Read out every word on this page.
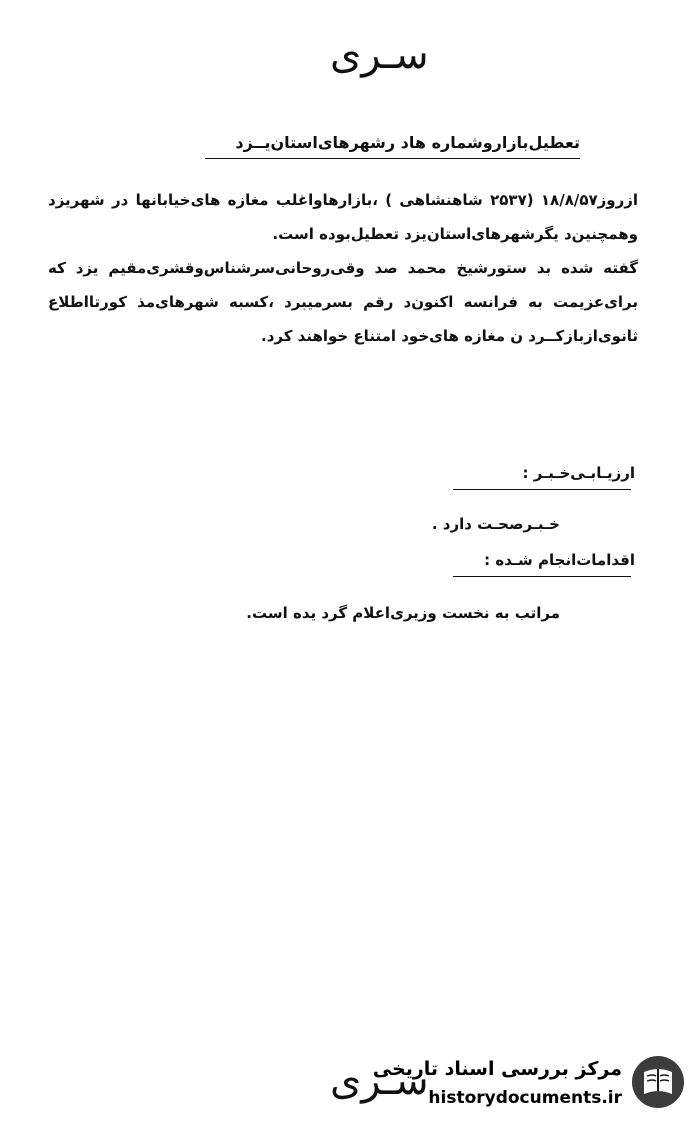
سـرى
تعطیل‌بازاروشماره هاد رشهرهای‌استان‌یــزد

ازروز۱۸/۸/۵۷ (۲۵۳۷ شاهنشاهی ) ،بازارهاواغلب مغازه های‌خیابانها در شهریزد وهمچنین‌د یگرشهرهای‌استان‌یزد تعطیل‌بوده است.

گفته شده بد ستورشیخ محمد صد وقی‌روحانی‌سرشناس‌وقشری‌مقیم یزد که برای‌عزیمت به فرانسه اکنون‌د رقم بسرمیبرد ،کسبه شهرهای‌مذ کورتااطلاع ثانوی‌ازبازکــرد ن مغازه های‌خود امتناع خواهند کرد.

ارزیـابـی‌خـبـر :
خـبـرصحـت دارد .
اقدامات‌انجام شـده :
مراتب به نخست وزیری‌اعلام گرد یده است.
سـرى
مرکز بررسی اسناد تاریخی
historydocuments.ir
